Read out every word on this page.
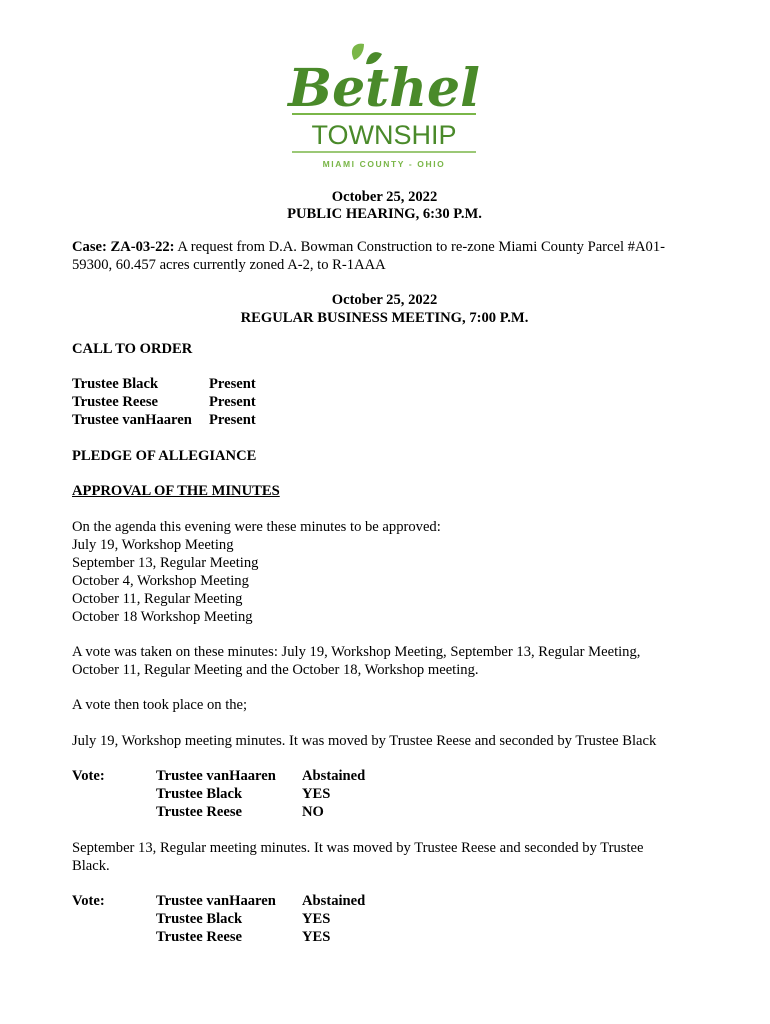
Bethel
TOWNSHIP
MIAMI COUNTY - OHIO
October 25, 2022
PUBLIC HEARING, 6:30 P.M.
Case: ZA-03-22: A request from D.A. Bowman Construction to re-zone Miami County Parcel #A01-
59300, 60.457 acres currently zoned A-2, to R-1AAA
October 25, 2022
REGULAR BUSINESS MEETING, 7:00 P.M.
CALL TO ORDER
Trustee Black	Present
Trustee Reese	Present
Trustee vanHaaren	Present
PLEDGE OF ALLEGIANCE
APPROVAL OF THE MINUTES
On the agenda this evening were these minutes to be approved:
July 19, Workshop Meeting
September 13, Regular Meeting
October 4, Workshop Meeting
October 11, Regular Meeting
October 18 Workshop Meeting
A vote was taken on these minutes: July 19, Workshop Meeting, September 13, Regular Meeting,
October 11, Regular Meeting and the October 18, Workshop meeting.
A vote then took place on the;
July 19, Workshop meeting minutes. It was moved by Trustee Reese and seconded by Trustee Black
Vote:	Trustee vanHaaren	Abstained
Trustee Black	YES
Trustee Reese	NO
September 13, Regular meeting minutes. It was moved by Trustee Reese and seconded by Trustee
Black.
Vote:	Trustee vanHaaren	Abstained
Trustee Black	YES
Trustee Reese	YES
